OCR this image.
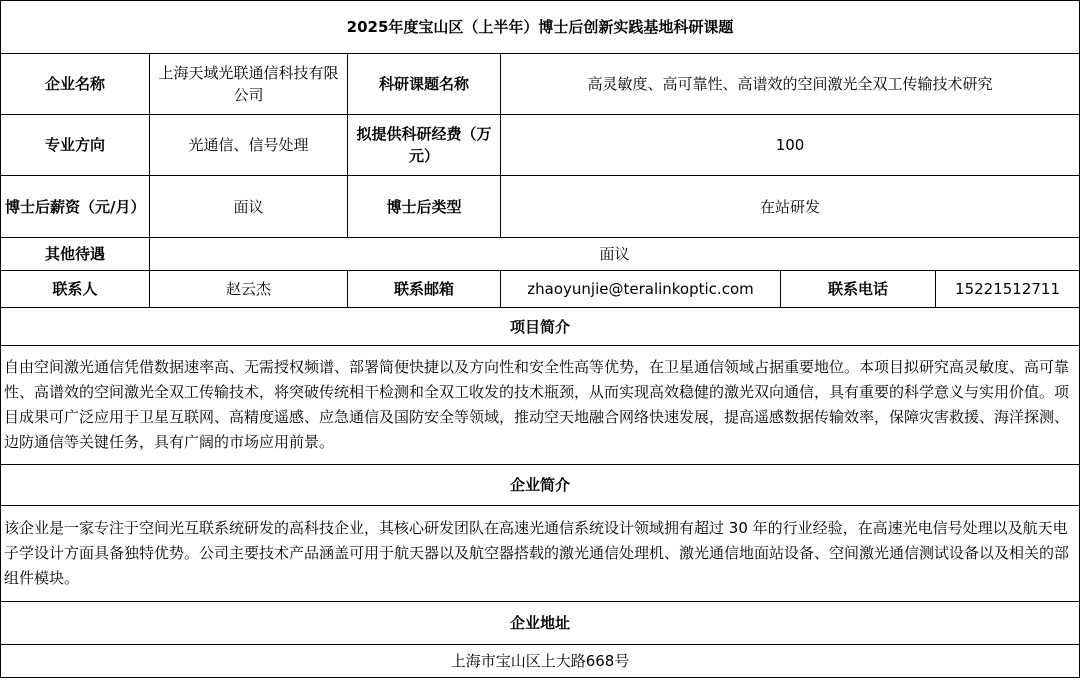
2025年度宝山区（上半年）博士后创新实践基地科研课题					
企业名称	上海天域光联通信科技有限公司	科研课题名称	高灵敏度、高可靠性、高谱效的空间激光全双工传输技术研究		
专业方向	光通信、信号处理	拟提供科研经费（万元）	100		
博士后薪资（元/月）	面议	博士后类型	在站研发		
其他待遇	面议				
联系人	赵云杰	联系邮箱	zhaoyunjie@teralinkoptic.com	联系电话	15221512711
项目简介					
自由空间激光通信凭借数据速率高、无需授权频谱、部署简便快捷以及方向性和安全性高等优势，在卫星通信领域占据重要地位。本项目拟研究高灵敏度、高可靠性、高谱效的空间激光全双工传输技术，将突破传统相干检测和全双工收发的技术瓶颈，从而实现高效稳健的激光双向通信，具有重要的科学意义与实用价值。项目成果可广泛应用于卫星互联网、高精度遥感、应急通信及国防安全等领域，推动空天地融合网络快速发展，提高遥感数据传输效率，保障灾害救援、海洋探测、边防通信等关键任务，具有广阔的市场应用前景。					
企业简介					
该企业是一家专注于空间光互联系统研发的高科技企业，其核心研发团队在高速光通信系统设计领域拥有超过 30 年的行业经验，在高速光电信号处理以及航天电子学设计方面具备独特优势。公司主要技术产品涵盖可用于航天器以及航空器搭载的激光通信处理机、激光通信地面站设备、空间激光通信测试设备以及相关的部组件模块。					
企业地址					
上海市宝山区上大路668号					
